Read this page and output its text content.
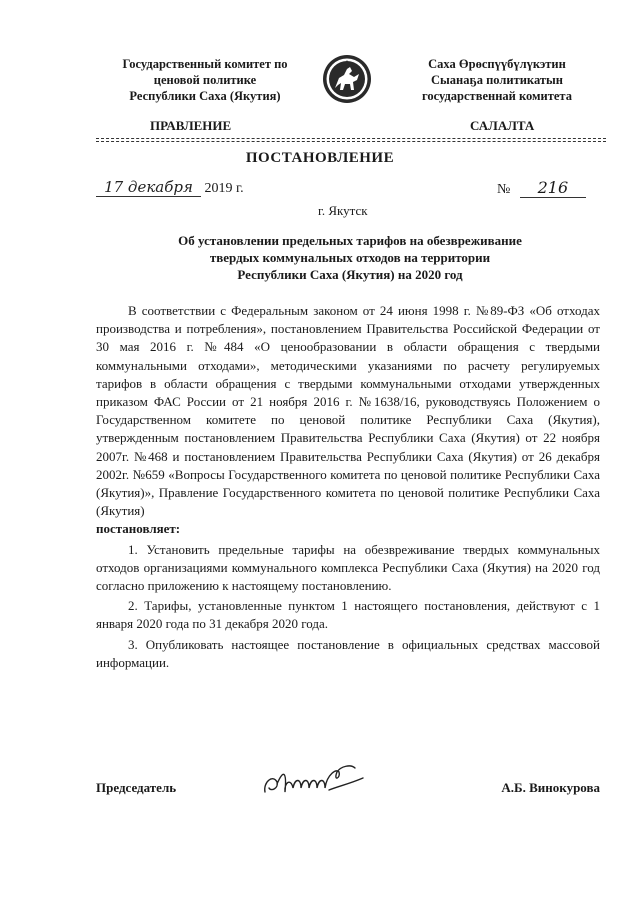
Государственный комитет по
ценовой политике
Республики Саха (Якутия)
Саха Өрөспүүбүлүкэтин
Сыанаҕа политикатын
государственнай комитета
ПРАВЛЕНИЕ	САЛАЛТА
ПОСТАНОВЛЕНИЕ
17 декабря 2019 г.	№ 216
г. Якутск
Об установлении предельных тарифов на обезвреживание
твердых коммунальных отходов на территории
Республики Саха (Якутия) на 2020 год

В соответствии с Федеральным законом от 24 июня 1998 г. №89-ФЗ «Об отходах производства и потребления», постановлением Правительства Российской Федерации от 30 мая 2016 г. №484 «О ценообразовании в области обращения с твердыми коммунальными отходами», методическими указаниями по расчету регулируемых тарифов в области обращения с твердыми коммунальными отходами утвержденных приказом ФАС России от 21 ноября 2016 г. №1638/16, руководствуясь Положением о Государственном комитете по ценовой политике Республики Саха (Якутия), утвержденным постановлением Правительства Республики Саха (Якутия) от 22 ноября 2007г. №468 и постановлением Правительства Республики Саха (Якутия) от 26 декабря 2002г. №659 «Вопросы Государственного комитета по ценовой политике Республики Саха (Якутия)», Правление Государственного комитета по ценовой политике Республики Саха (Якутия)

постановляет:

1. Установить предельные тарифы на обезвреживание твердых коммунальных отходов организациями коммунального комплекса Республики Саха (Якутия) на 2020 год согласно приложению к настоящему постановлению.

2. Тарифы, установленные пунктом 1 настоящего постановления, действуют с 1 января 2020 года по 31 декабря 2020 года.

3. Опубликовать настоящее постановление в официальных средствах массовой информации.

Председатель	А.Б. Винокурова
